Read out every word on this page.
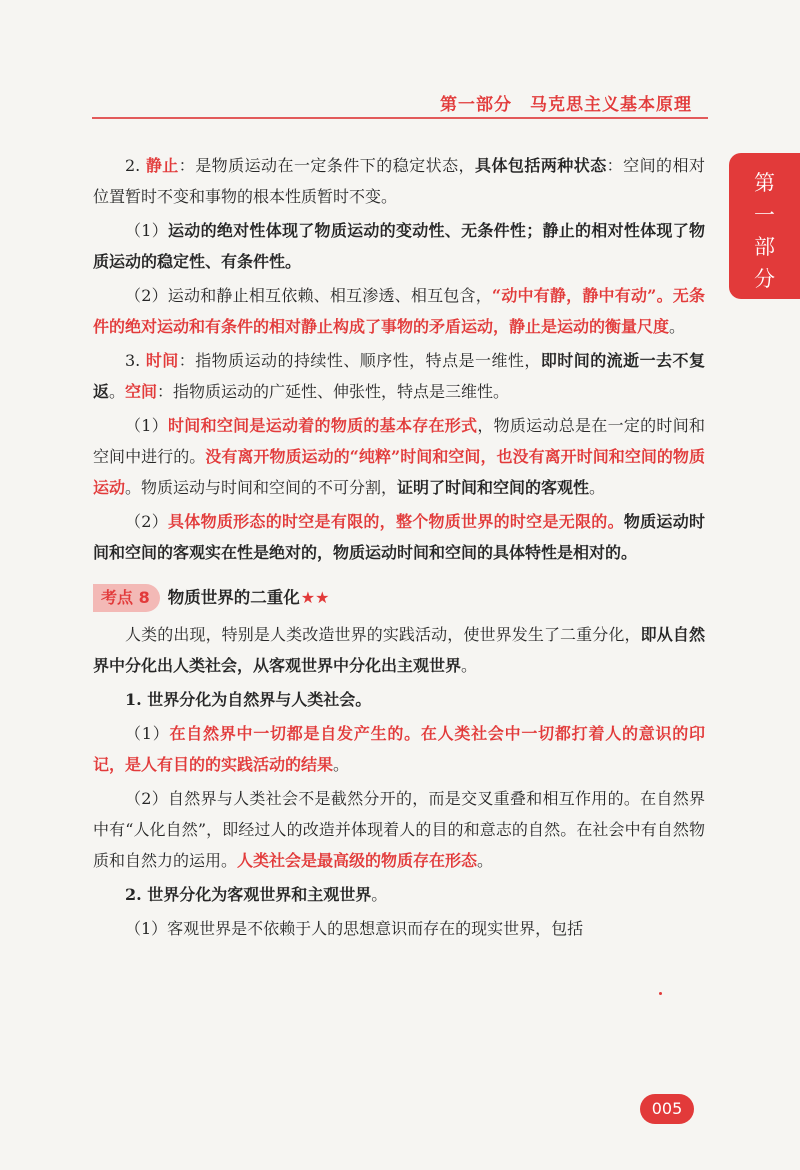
第一部分　马克思主义基本原理
第
一
部
分

2. 静止：是物质运动在一定条件下的稳定状态，具体包括两种状态：空间的相对位置暂时不变和事物的根本性质暂时不变。

（1）运动的绝对性体现了物质运动的变动性、无条件性；静止的相对性体现了物质运动的稳定性、有条件性。

（2）运动和静止相互依赖、相互渗透、相互包含，“动中有静，静中有动”。无条件的绝对运动和有条件的相对静止构成了事物的矛盾运动，静止是运动的衡量尺度。

3. 时间：指物质运动的持续性、顺序性，特点是一维性，即时间的流逝一去不复返。空间：指物质运动的广延性、伸张性，特点是三维性。

（1）时间和空间是运动着的物质的基本存在形式，物质运动总是在一定的时间和空间中进行的。没有离开物质运动的“纯粹”时间和空间，也没有离开时间和空间的物质运动。物质运动与时间和空间的不可分割，证明了时间和空间的客观性。

（2）具体物质形态的时空是有限的，整个物质世界的时空是无限的。物质运动时间和空间的客观实在性是绝对的，物质运动时间和空间的具体特性是相对的。

考点 8	物质世界的二重化★★

人类的出现，特别是人类改造世界的实践活动，使世界发生了二重分化，即从自然界中分化出人类社会，从客观世界中分化出主观世界。

1. 世界分化为自然界与人类社会。

（1）在自然界中一切都是自发产生的。在人类社会中一切都打着人的意识的印记，是人有目的的实践活动的结果。

（2）自然界与人类社会不是截然分开的，而是交叉重叠和相互作用的。在自然界中有“人化自然”，即经过人的改造并体现着人的目的和意志的自然。在社会中有自然物质和自然力的运用。人类社会是最高级的物质存在形态。

2. 世界分化为客观世界和主观世界。

（1）客观世界是不依赖于人的思想意识而存在的现实世界，包括

005
